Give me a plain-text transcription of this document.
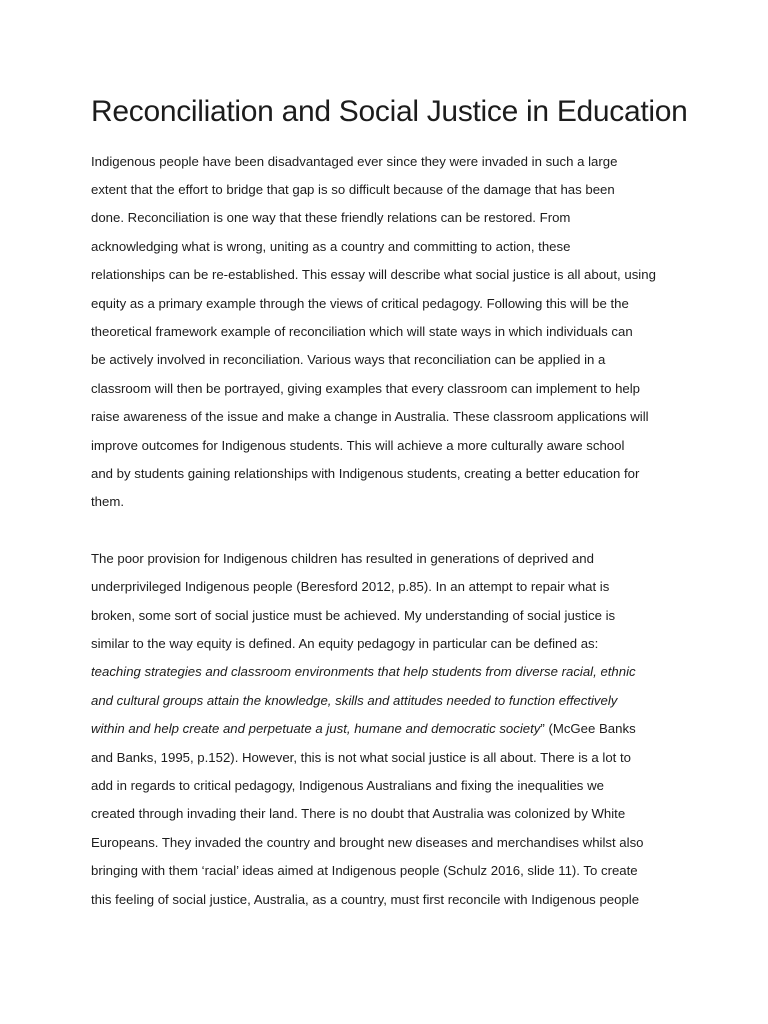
Reconciliation and Social Justice in Education

Indigenous people have been disadvantaged ever since they were invaded in such a large

extent that the effort to bridge that gap is so difficult because of the damage that has been

done. Reconciliation is one way that these friendly relations can be restored. From

acknowledging what is wrong, uniting as a country and committing to action, these

relationships can be re-established. This essay will describe what social justice is all about, using

equity as a primary example through the views of critical pedagogy. Following this will be the

theoretical framework example of reconciliation which will state ways in which individuals can

be actively involved in reconciliation. Various ways that reconciliation can be applied in a

classroom will then be portrayed, giving examples that every classroom can implement to help

raise awareness of the issue and make a change in Australia. These classroom applications will

improve outcomes for Indigenous students. This will achieve a more culturally aware school

and by students gaining relationships with Indigenous students, creating a better education for

them.

The poor provision for Indigenous children has resulted in generations of deprived and

underprivileged Indigenous people (Beresford 2012, p.85). In an attempt to repair what is

broken, some sort of social justice must be achieved. My understanding of social justice is

similar to the way equity is defined. An equity pedagogy in particular can be defined as:

teaching strategies and classroom environments that help students from diverse racial, ethnic

and cultural groups attain the knowledge, skills and attitudes needed to function effectively

within and help create and perpetuate a just, humane and democratic society” (McGee Banks

and Banks, 1995, p.152). However, this is not what social justice is all about. There is a lot to

add in regards to critical pedagogy, Indigenous Australians and fixing the inequalities we

created through invading their land. There is no doubt that Australia was colonized by White

Europeans. They invaded the country and brought new diseases and merchandises whilst also

bringing with them ‘racial’ ideas aimed at Indigenous people (Schulz 2016, slide 11). To create

this feeling of social justice, Australia, as a country, must first reconcile with Indigenous people
